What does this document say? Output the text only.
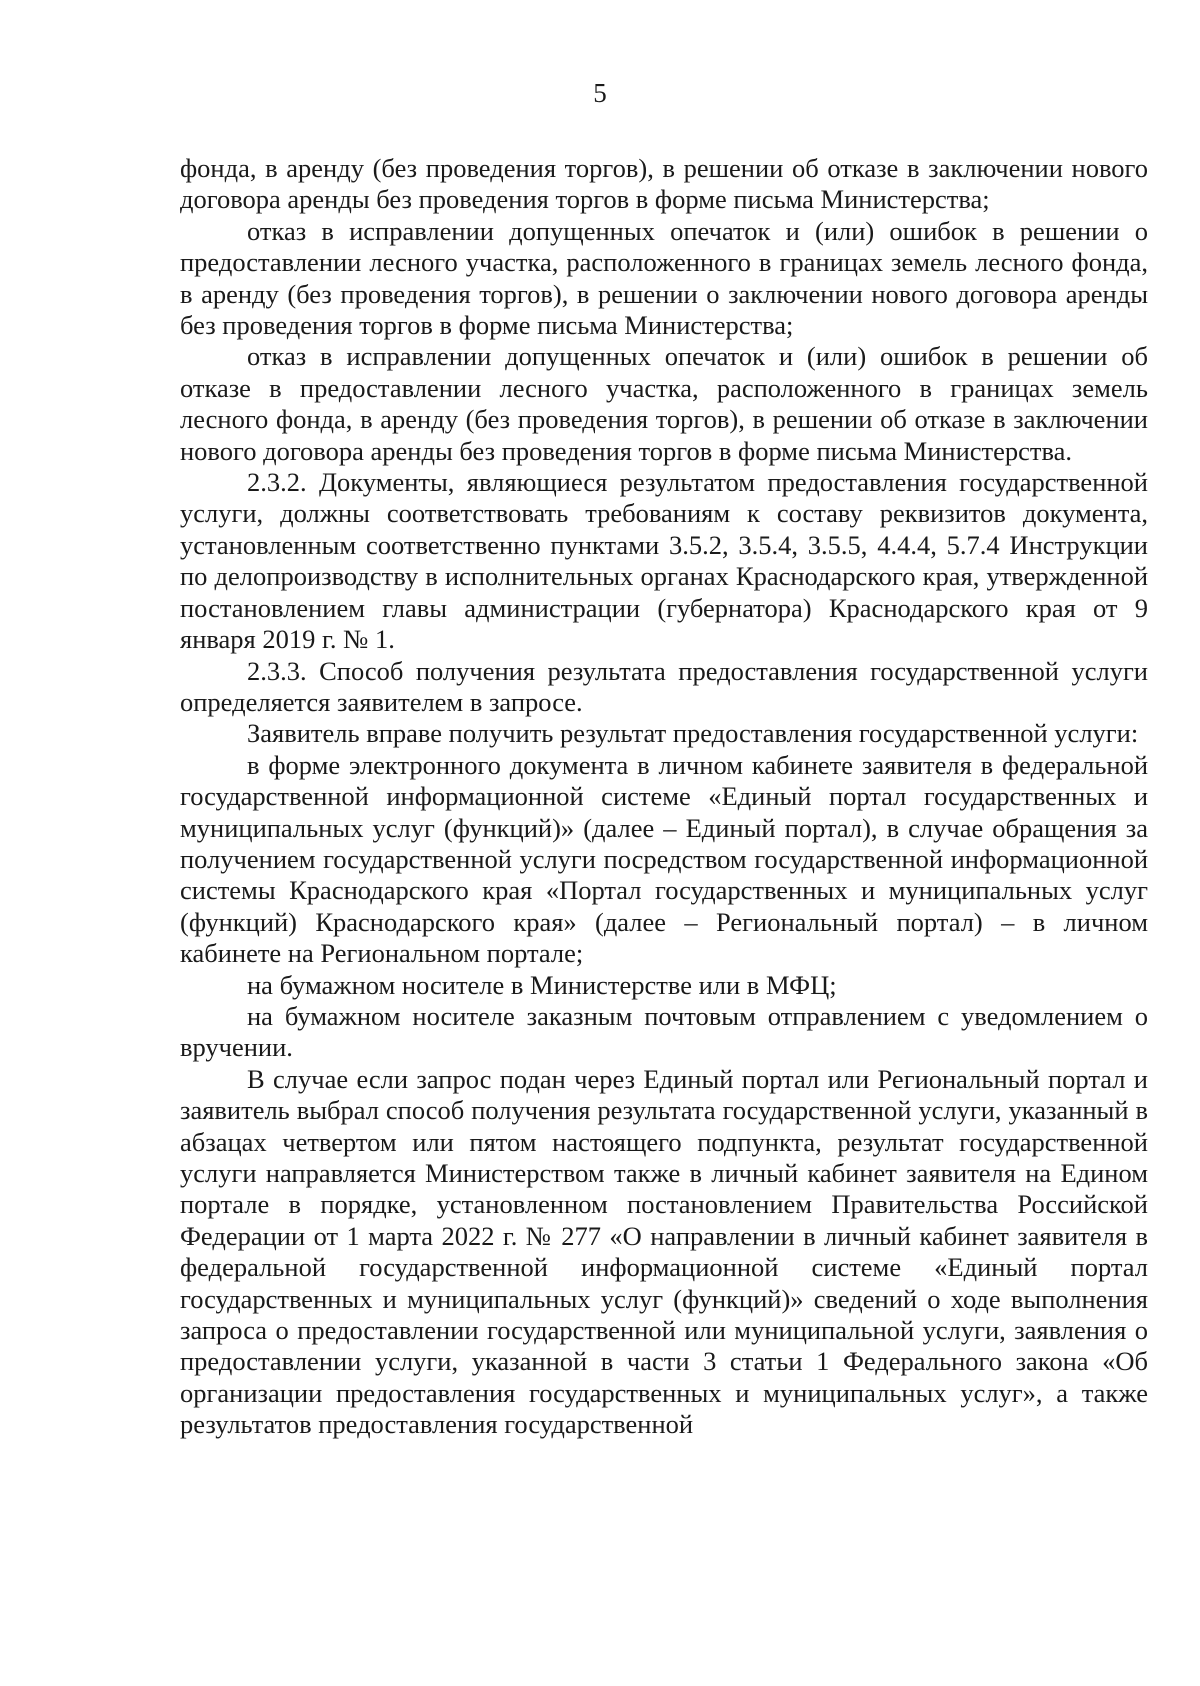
5

фонда, в аренду (без проведения торгов), в решении об отказе в заключении нового договора аренды без проведения торгов в форме письма Министерства;

отказ в исправлении допущенных опечаток и (или) ошибок в решении о предоставлении лесного участка, расположенного в границах земель лесного фонда, в аренду (без проведения торгов), в решении о заключении нового договора аренды без проведения торгов в форме письма Министерства;

отказ в исправлении допущенных опечаток и (или) ошибок в решении об отказе в предоставлении лесного участка, расположенного в границах земель лесного фонда, в аренду (без проведения торгов), в решении об отказе в заключении нового договора аренды без проведения торгов в форме письма Министерства.

2.3.2. Документы, являющиеся результатом предоставления государственной услуги, должны соответствовать требованиям к составу реквизитов документа, установленным соответственно пунктами 3.5.2, 3.5.4, 3.5.5, 4.4.4, 5.7.4 Инструкции по делопроизводству в исполнительных органах Краснодарского края, утвержденной постановлением главы администрации (губернатора) Краснодарского края от 9 января 2019 г. № 1.

2.3.3. Способ получения результата предоставления государственной услуги определяется заявителем в запросе.

Заявитель вправе получить результат предоставления государственной услуги:

в форме электронного документа в личном кабинете заявителя в федеральной государственной информационной системе «Единый портал государственных и муниципальных услуг (функций)» (далее – Единый портал), в случае обращения за получением государственной услуги посредством государственной информационной системы Краснодарского края «Портал государственных и муниципальных услуг (функций) Краснодарского края» (далее – Региональный портал) – в личном кабинете на Региональном портале;

на бумажном носителе в Министерстве или в МФЦ;

на бумажном носителе заказным почтовым отправлением с уведомлением о вручении.

В случае если запрос подан через Единый портал или Региональный портал и заявитель выбрал способ получения результата государственной услуги, указанный в абзацах четвертом или пятом настоящего подпункта, результат государственной услуги направляется Министерством также в личный кабинет заявителя на Едином портале в порядке, установленном постановлением Правительства Российской Федерации от 1 марта 2022 г. № 277 «О направлении в личный кабинет заявителя в федеральной государственной информационной системе «Единый портал государственных и муниципальных услуг (функций)» сведений о ходе выполнения запроса о предоставлении государственной или муниципальной услуги, заявления о предоставлении услуги, указанной в части 3 статьи 1 Федерального закона «Об организации предоставления государственных и муниципальных услуг», а также результатов предоставления государственной
